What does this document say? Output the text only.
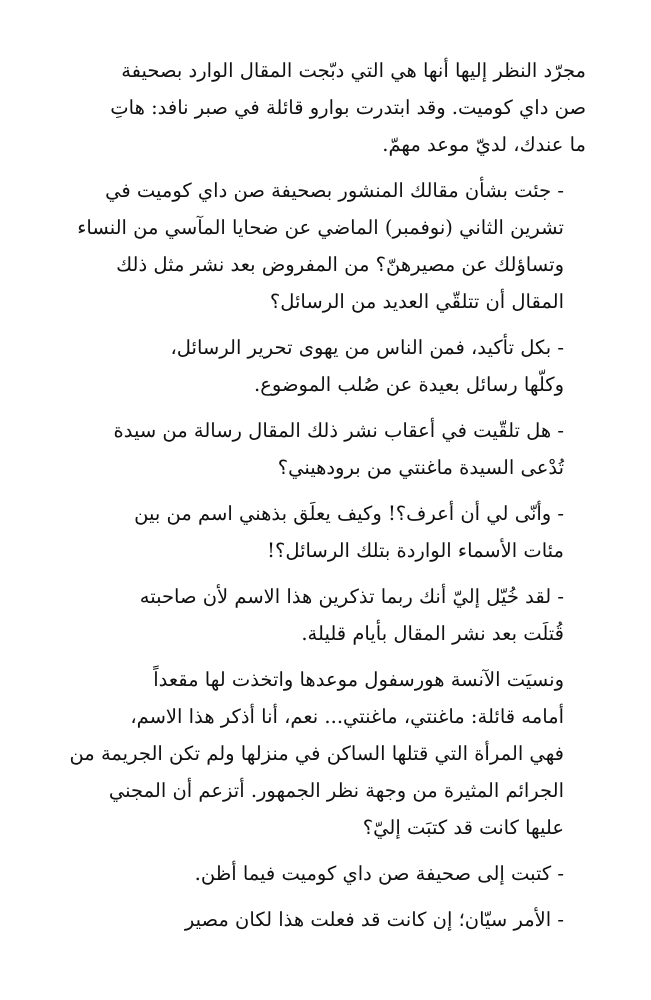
مجرّد النظر إليها أنها هي التي دبّجت المقال الوارد بصحيفة
صن داي كوميت. وقد ابتدرت بوارو قائلة في صبر نافد: هاتِ
ما عندك، لديّ موعد مهمّ.

- جئت بشأن مقالك المنشور بصحيفة صن داي كوميت في
تشرين الثاني (نوفمبر) الماضي عن ضحايا المآسي من النساء
وتساؤلك عن مصيرهنّ؟ من المفروض بعد نشر مثل ذلك
المقال أن تتلقّي العديد من الرسائل؟

- بكل تأكيد، فمن الناس من يهوى تحرير الرسائل،
وكلّها رسائل بعيدة عن صُلب الموضوع.

- هل تلقّيت في أعقاب نشر ذلك المقال رسالة من سيدة
تُدْعى السيدة ماغنتي من برودهيني؟

- وأنّى لي أن أعرف؟! وكيف يعلَق بذهني اسم من بين
مئات الأسماء الواردة بتلك الرسائل؟!

- لقد خُيّل إليّ أنك ربما تذكرين هذا الاسم لأن صاحبته
قُتلَت بعد نشر المقال بأيام قليلة.

ونسيَت الآنسة هورسفول موعدها واتخذت لها مقعداً
أمامه قائلة: ماغنتي، ماغنتي... نعم، أنا أذكر هذا الاسم،
فهي المرأة التي قتلها الساكن في منزلها ولم تكن الجريمة من
الجرائم المثيرة من وجهة نظر الجمهور. أتزعم أن المجني
عليها كانت قد كتبَت إليّ؟

- كتبت إلى صحيفة صن داي كوميت فيما أظن.

- الأمر سيّان؛ إن كانت قد فعلت هذا لكان مصير
